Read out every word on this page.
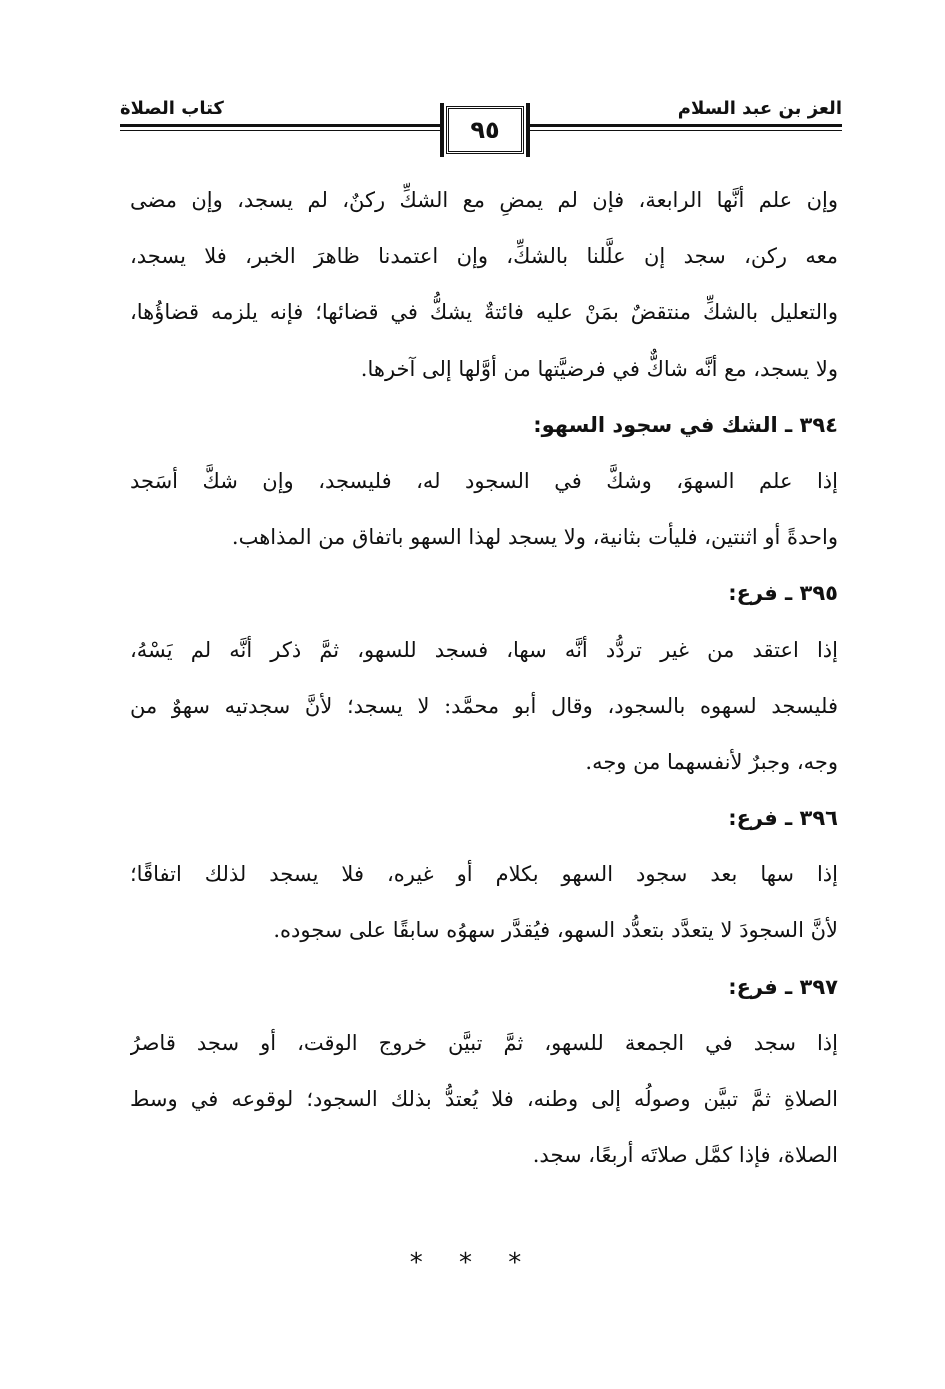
كتاب الصلاة	العز بن عبد السلام
٩٥
وإن علم أنَّها الرابعة، فإن لم يمضِ مع الشكِّ ركنٌ، لم يسجد، وإن مضى
معه ركن، سجد إن علَّلنا بالشكِّ، وإن اعتمدنا ظاهرَ الخبر، فلا يسجد،
والتعليل بالشكِّ منتقضٌ بمَنْ عليه فائتةٌ يشكُّ في قضائها؛ فإنه يلزمه قضاؤُها،
ولا يسجد، مع أنَّه شاكٌّ في فرضيَّتها من أوَّلها إلى آخرها.
٣٩٤ ـ الشك في سجود السهو:
إذا علم السهوَ، وشكَّ في السجود له، فليسجد، وإن شكَّ أسَجد
واحدةً أو اثنتين، فليأت بثانية، ولا يسجد لهذا السهو باتفاق من المذاهب.
٣٩٥ ـ فرع:
إذا اعتقد من غير تردُّد أنَّه سها، فسجد للسهو، ثمَّ ذكر أنَّه لم يَسْهُ،
فليسجد لسهوه بالسجود، وقال أبو محمَّد: لا يسجد؛ لأنَّ سجدتيه سهوٌ من
وجه، وجبرٌ لأنفسهما من وجه.
٣٩٦ ـ فرع:
إذا سها بعد سجود السهو بكلام أو غيره، فلا يسجد لذلك اتفاقًا؛
لأنَّ السجودَ لا يتعدَّد بتعدُّد السهو، فيُقدَّر سهوُه سابقًا على سجوده.
٣٩٧ ـ فرع:
إذا سجد في الجمعة للسهو، ثمَّ تبيَّن خروج الوقت، أو سجد قاصرُ
الصلاةِ ثمَّ تبيَّن وصولُه إلى وطنه، فلا يُعتدُّ بذلك السجود؛ لوقوعه في وسط
الصلاة، فإذا كمَّل صلاتَه أربعًا، سجد.
* * *
